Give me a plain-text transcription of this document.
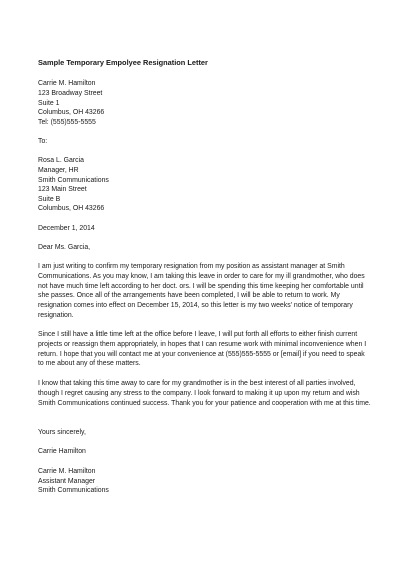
Sample Temporary Empolyee Resignation Letter
Carrie M. Hamilton
123 Broadway Street
Suite 1
Columbus, OH 43266
Tel: (555)555-5555
To:
Rosa L. Garcia
Manager, HR
Smith Communications
123 Main Street
Suite B
Columbus, OH 43266
December 1, 2014
Dear Ms. Garcia,
I am just writing to confirm my temporary resignation from my position as assistant manager at Smith
Communications. As you may know, I am taking this leave in order to care for my ill grandmother, who does
not have much time left according to her doct. ors. I will be spending this time keeping her comfortable until
she passes. Once all of the arrangements have been completed, I will be able to return to work. My
resignation comes into effect on December 15, 2014, so this letter is my two weeks' notice of temporary
resignation.
Since I still have a little time left at the office before I leave, I will put forth all efforts to either finish current
projects or reassign them appropriately, in hopes that I can resume work with minimal inconvenience when I
return. I hope that you will contact me at your convenience at (555)555-5555 or [email] if you need to speak
to me about any of these matters.
I know that taking this time away to care for my grandmother is in the best interest of all parties involved,
though I regret causing any stress to the company. I look forward to making it up upon my return and wish
Smith Communications continued success. Thank you for your patience and cooperation with me at this time.
Yours sincerely,
Carrie Hamilton
Carrie M. Hamilton
Assistant Manager
Smith Communications
